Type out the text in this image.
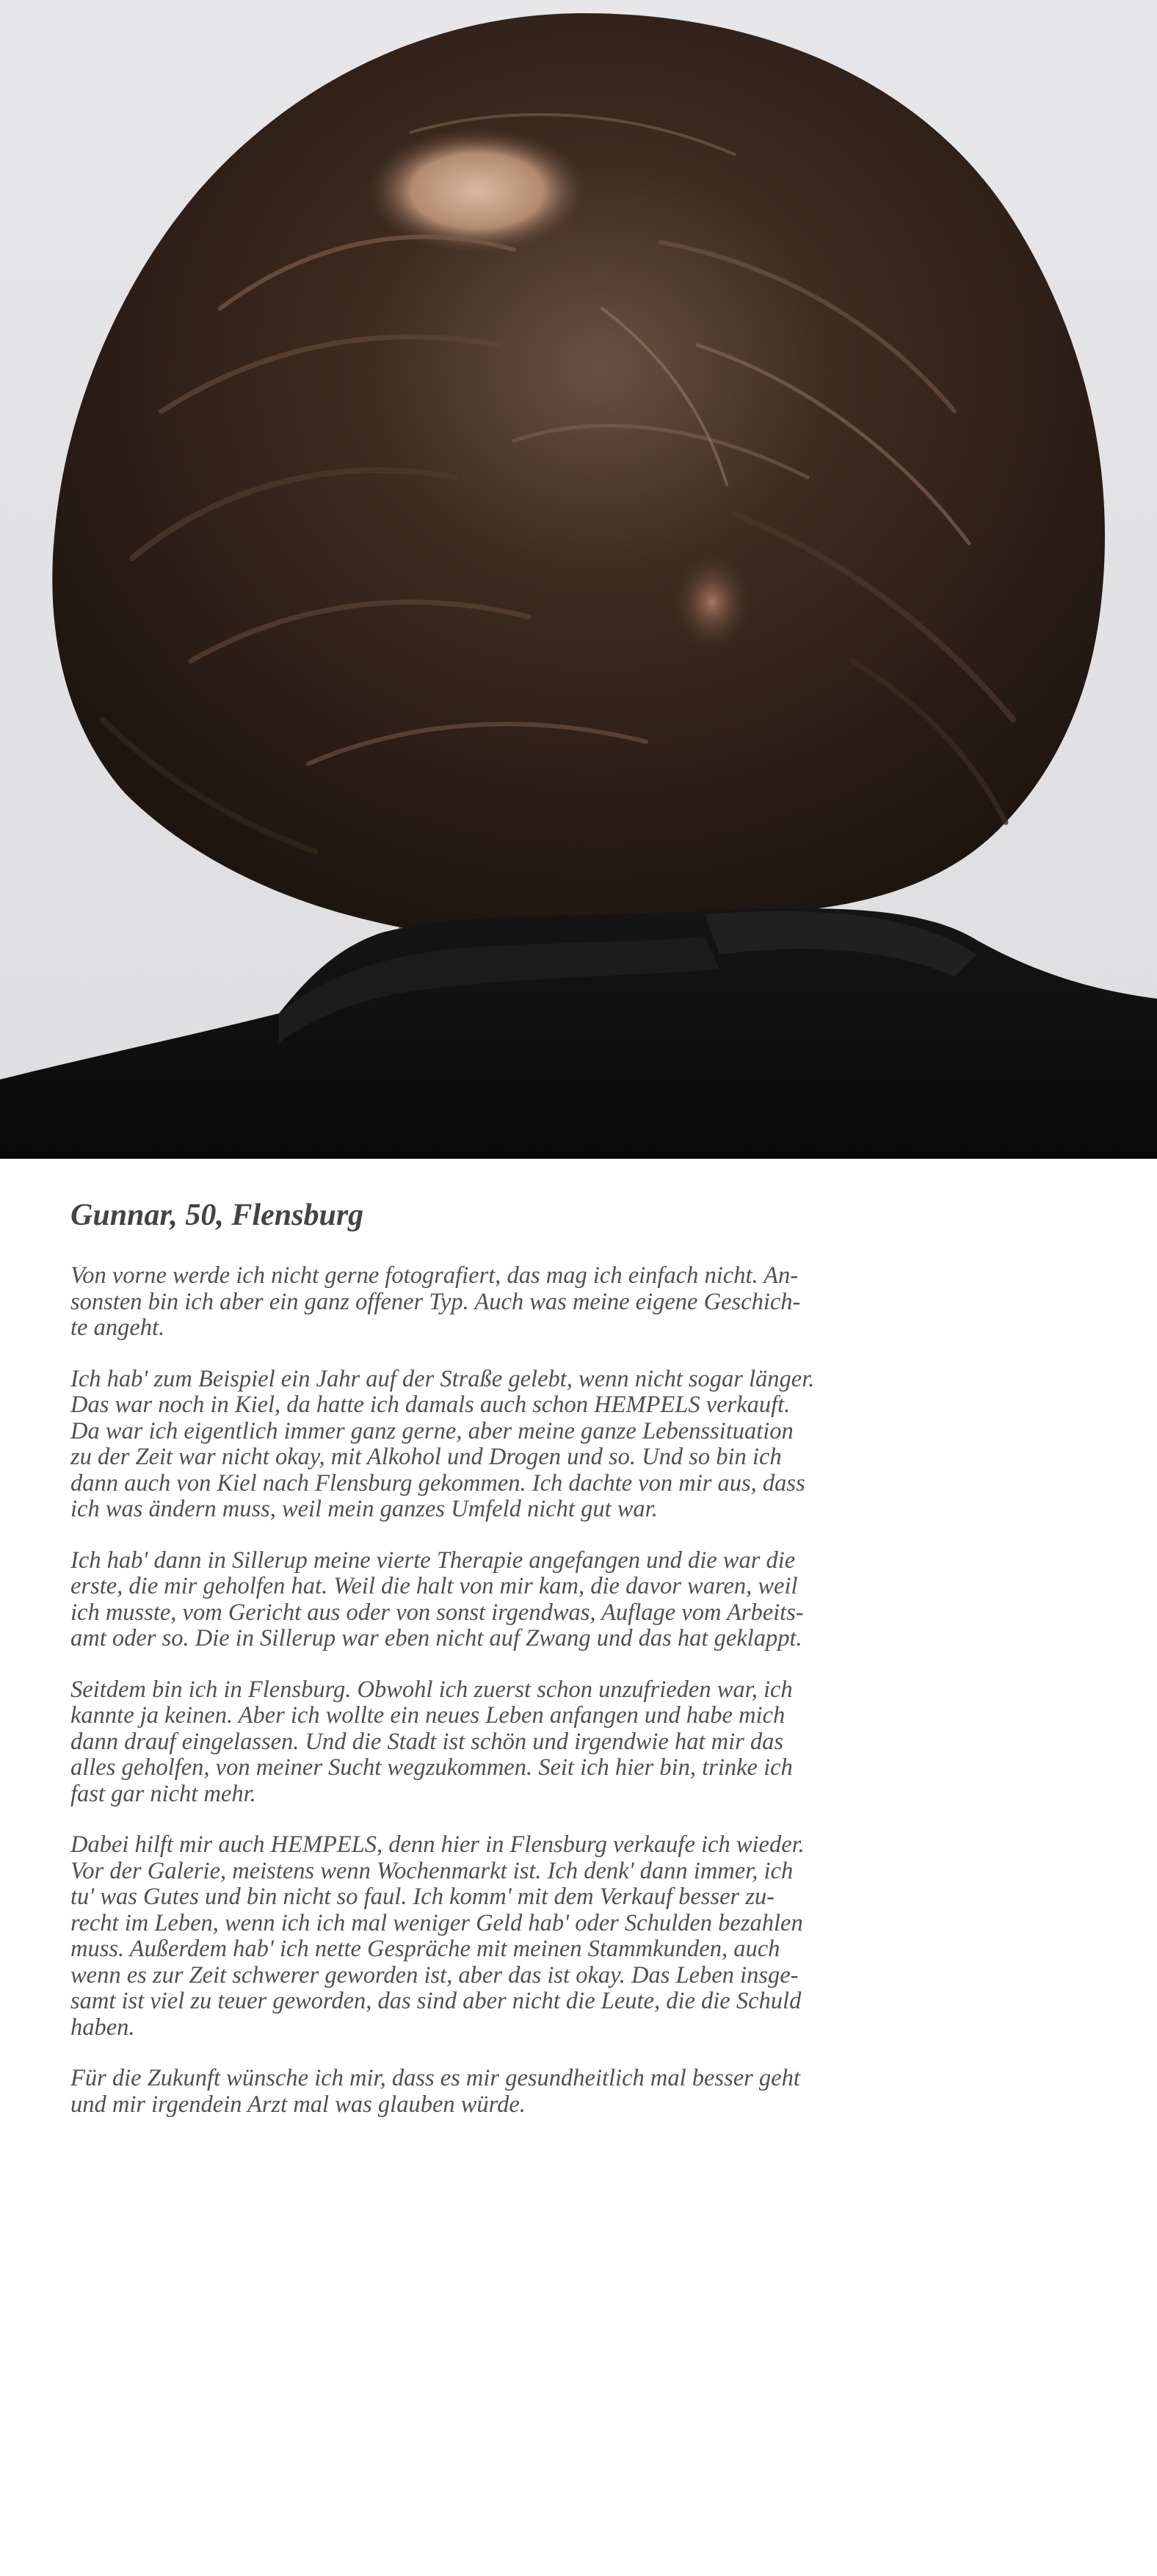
Gunnar, 50, Flensburg

Von vorne werde ich nicht gerne fotografiert, das mag ich einfach nicht. An-
sonsten bin ich aber ein ganz offener Typ. Auch was meine eigene Geschich-
te angeht.

Ich hab' zum Beispiel ein Jahr auf der Straße gelebt, wenn nicht sogar länger.
Das war noch in Kiel, da hatte ich damals auch schon HEMPELS verkauft.
Da war ich eigentlich immer ganz gerne, aber meine ganze Lebenssituation
zu der Zeit war nicht okay, mit Alkohol und Drogen und so. Und so bin ich
dann auch von Kiel nach Flensburg gekommen. Ich dachte von mir aus, dass
ich was ändern muss, weil mein ganzes Umfeld nicht gut war.

Ich hab' dann in Sillerup meine vierte Therapie angefangen und die war die
erste, die mir geholfen hat. Weil die halt von mir kam, die davor waren, weil
ich musste, vom Gericht aus oder von sonst irgendwas, Auflage vom Arbeits-
amt oder so. Die in Sillerup war eben nicht auf Zwang und das hat geklappt.

Seitdem bin ich in Flensburg. Obwohl ich zuerst schon unzufrieden war, ich
kannte ja keinen. Aber ich wollte ein neues Leben anfangen und habe mich
dann drauf eingelassen. Und die Stadt ist schön und irgendwie hat mir das
alles geholfen, von meiner Sucht wegzukommen. Seit ich hier bin, trinke ich
fast gar nicht mehr.

Dabei hilft mir auch HEMPELS, denn hier in Flensburg verkaufe ich wieder.
Vor der Galerie, meistens wenn Wochenmarkt ist. Ich denk' dann immer, ich
tu' was Gutes und bin nicht so faul. Ich komm' mit dem Verkauf besser zu-
recht im Leben, wenn ich ich mal weniger Geld hab' oder Schulden bezahlen
muss. Außerdem hab' ich nette Gespräche mit meinen Stammkunden, auch
wenn es zur Zeit schwerer geworden ist, aber das ist okay. Das Leben insge-
samt ist viel zu teuer geworden, das sind aber nicht die Leute, die die Schuld
haben.

Für die Zukunft wünsche ich mir, dass es mir gesundheitlich mal besser geht
und mir irgendein Arzt mal was glauben würde.
